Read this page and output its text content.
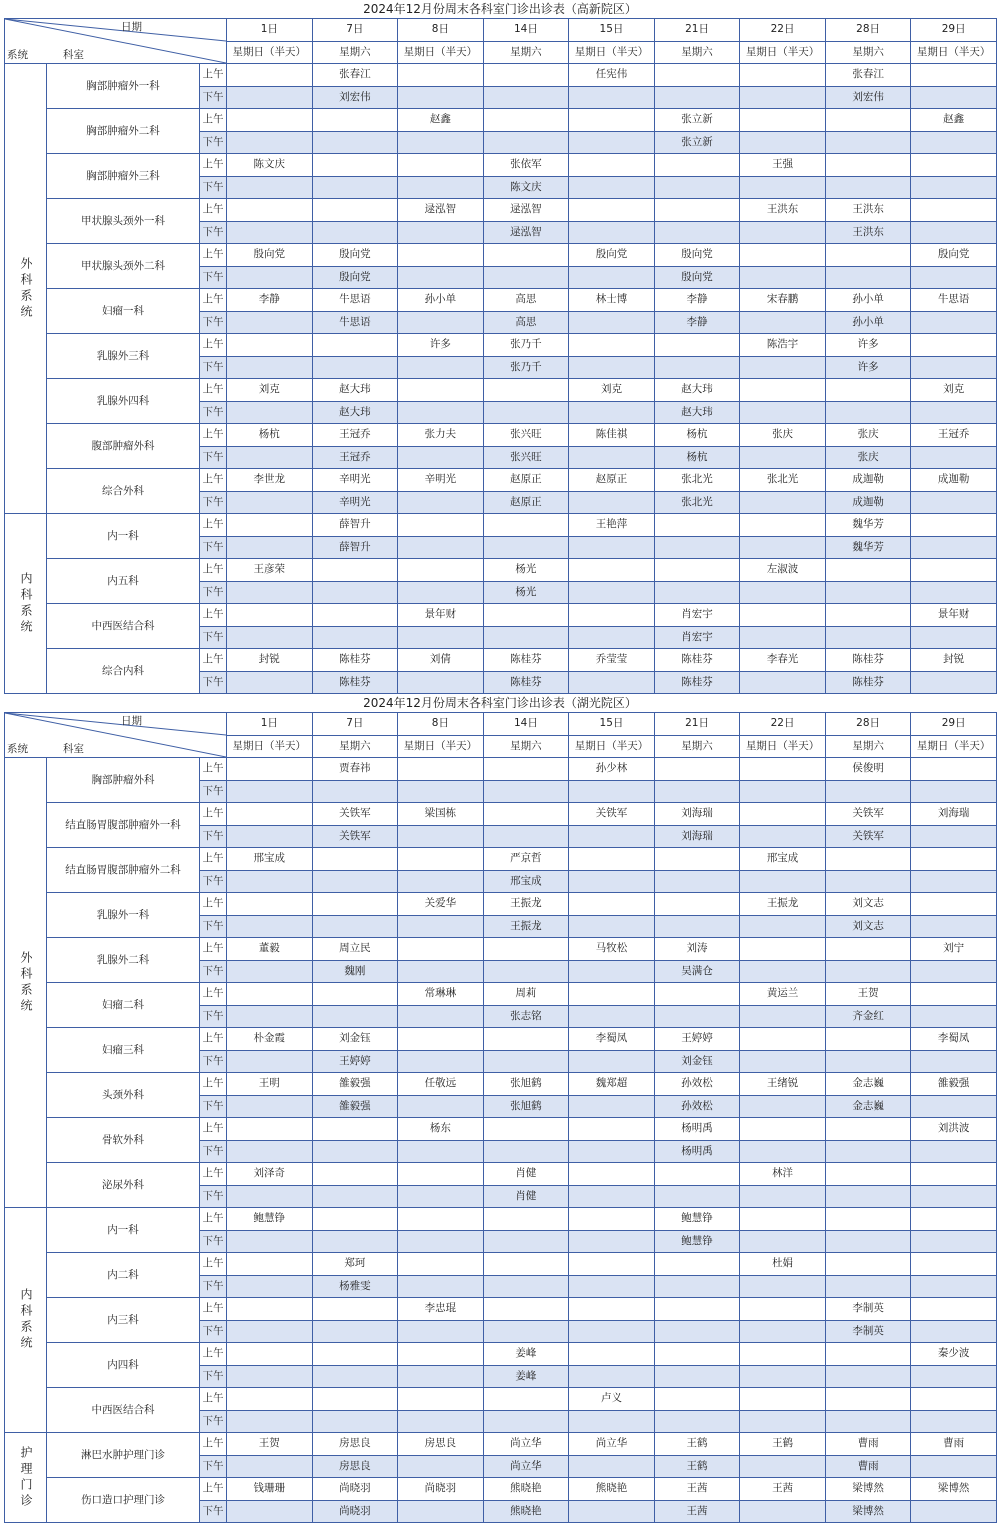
2024年12月份周末各科室门诊出诊表（高新院区）
日期
科室
系统			1日	7日	8日	14日	15日	21日	22日	28日	29日
			星期日（半天）	星期六	星期日（半天）	星期六	星期日（半天）	星期六	星期日（半天）	星期六	星期日（半天）
外科系统	胸部肿瘤外一科	上午		张春江			任宪伟			张春江	
		下午		刘宏伟						刘宏伟	
	胸部肿瘤外二科	上午			赵鑫			张立新			赵鑫
		下午						张立新			
	胸部肿瘤外三科	上午	陈文庆			张依军			王强		
		下午				陈文庆					
	甲状腺头颈外一科	上午			逯泓智	逯泓智			王洪东	王洪东	
		下午				逯泓智				王洪东	
	甲状腺头颈外二科	上午	殷向党	殷向党			殷向党	殷向党			殷向党
		下午		殷向党				殷向党			
	妇瘤一科	上午	李静	牛思语	孙小单	高思	林士博	李静	宋春鹏	孙小单	牛思语
		下午		牛思语		高思		李静		孙小单	
	乳腺外三科	上午			许多	张乃千			陈浩宇	许多	
		下午				张乃千				许多	
	乳腺外四科	上午	刘克	赵大玮			刘克	赵大玮			刘克
		下午		赵大玮				赵大玮			
	腹部肿瘤外科	上午	杨杭	王冠乔	张力夫	张兴旺	陈佳祺	杨杭	张庆	张庆	王冠乔
		下午		王冠乔		张兴旺		杨杭		张庆	
	综合外科	上午	李世龙	辛明光	辛明光	赵原正	赵原正	张北光	张北光	成迦勒	成迦勒
		下午		辛明光		赵原正		张北光		成迦勒	
内科系统	内一科	上午		薛智升			王艳萍			魏华芳	
		下午		薛智升						魏华芳	
	内五科	上午	王彦荣			杨光			左淑波		
		下午				杨光					
	中西医结合科	上午			景年财			肖宏宇			景年财
		下午						肖宏宇			
	综合内科	上午	封锐	陈桂芬	刘倩	陈桂芬	乔莹莹	陈桂芬	李春光	陈桂芬	封锐
		下午		陈桂芬		陈桂芬		陈桂芬		陈桂芬	
2024年12月份周末各科室门诊出诊表（湖光院区）
日期
科室
系统			1日	7日	8日	14日	15日	21日	22日	28日	29日
			星期日（半天）	星期六	星期日（半天）	星期六	星期日（半天）	星期六	星期日（半天）	星期六	星期日（半天）
外科系统	胸部肿瘤外科	上午		贾春祎			孙少林			侯俊明	
		下午									
	结直肠胃腹部肿瘤外一科	上午		关铁军	梁国栋		关铁军	刘海瑞		关铁军	刘海瑞
		下午		关铁军				刘海瑞		关铁军	
	结直肠胃腹部肿瘤外二科	上午	邢宝成			严京哲			邢宝成		
		下午				邢宝成					
	乳腺外一科	上午			关爱华	王振龙			王振龙	刘文志	
		下午				王振龙				刘文志	
	乳腺外二科	上午	董毅	周立民			马牧松	刘涛			刘宁
		下午		魏刚				吴满仓			
	妇瘤二科	上午			常琳琳	周莉			黄运兰	王贺	
		下午				张志铭				齐金红	
	妇瘤三科	上午	朴金霞	刘金钰			李蜀凤	王婷婷			李蜀凤
		下午		王婷婷				刘金钰			
	头颈外科	上午	王明	雒毅强	任敬远	张旭鹤	魏郑超	孙效松	王绪锐	金志巍	雒毅强
		下午		雒毅强		张旭鹤		孙效松		金志巍	
	骨软外科	上午			杨东			杨明禹			刘洪波
		下午						杨明禹			
	泌尿外科	上午	刘泽奇			肖健			林洋		
		下午				肖健					
内科系统	内一科	上午	鲍慧铮					鲍慧铮			
		下午						鲍慧铮			
	内二科	上午		郑珂					杜娟		
		下午		杨雅雯							
	内三科	上午			李忠琨					李制英	
		下午								李制英	
	内四科	上午				姜峰					秦少波
		下午				姜峰					
	中西医结合科	上午					卢义				
		下午									
护理门诊	淋巴水肿护理门诊	上午	王贺	房思良	房思良	尚立华	尚立华	王鹤	王鹤	曹雨	曹雨
		下午		房思良		尚立华		王鹤		曹雨	
	伤口造口护理门诊	上午	钱珊珊	尚晓羽	尚晓羽	熊晓艳	熊晓艳	王茜	王茜	梁博然	梁博然
		下午		尚晓羽		熊晓艳		王茜		梁博然	
